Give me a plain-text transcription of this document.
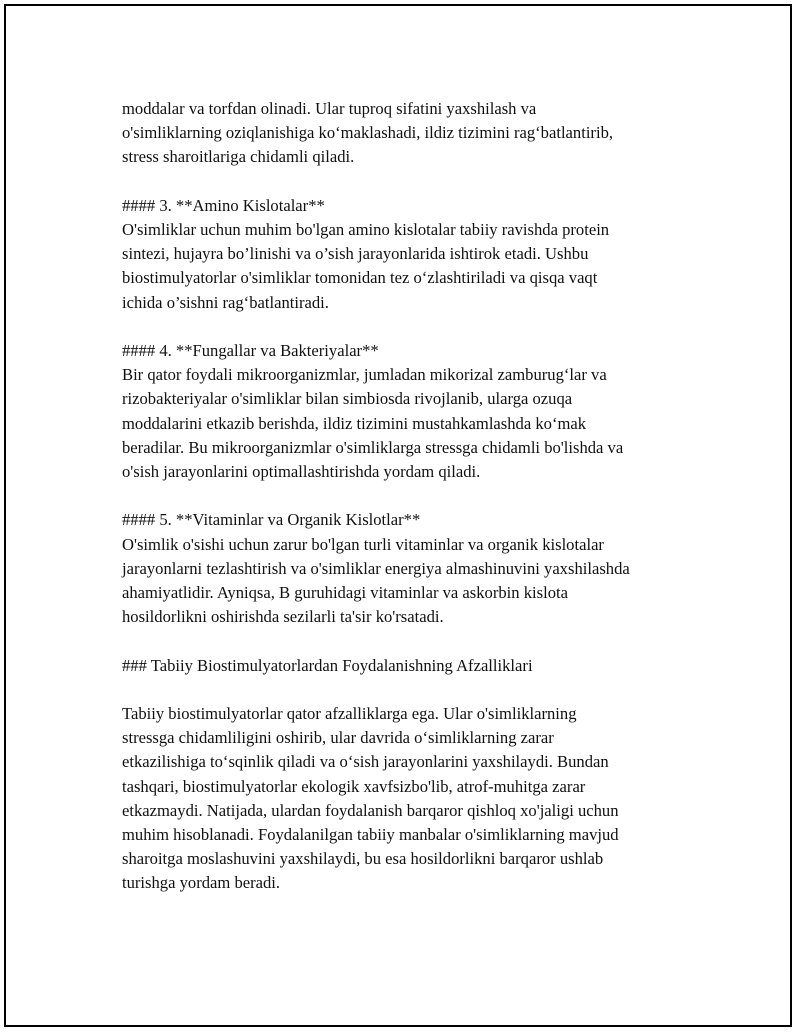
moddalar va torfdan olinadi. Ular tuproq sifatini yaxshilash va
o'simliklarning oziqlanishiga ko‘maklashadi, ildiz tizimini rag‘batlantirib,
stress sharoitlariga chidamli qiladi.

#### 3. **Amino Kislotalar**
O'simliklar uchun muhim bo'lgan amino kislotalar tabiiy ravishda protein
sintezi, hujayra bo’linishi va o’sish jarayonlarida ishtirok etadi. Ushbu
biostimulyatorlar o'simliklar tomonidan tez o‘zlashtiriladi va qisqa vaqt
ichida o’sishni rag‘batlantiradi.

#### 4. **Fungallar va Bakteriyalar**
Bir qator foydali mikroorganizmlar, jumladan mikorizal zamburug‘lar va
rizobakteriyalar o'simliklar bilan simbiosda rivojlanib, ularga ozuqa
moddalarini etkazib berishda, ildiz tizimini mustahkamlashda ko‘mak
beradilar. Bu mikroorganizmlar o'simliklarga stressga chidamli bo'lishda va
o'sish jarayonlarini optimallashtirishda yordam qiladi.

#### 5. **Vitaminlar va Organik Kislotlar**
O'simlik o'sishi uchun zarur bo'lgan turli vitaminlar va organik kislotalar
jarayonlarni tezlashtirish va o'simliklar energiya almashinuvini yaxshilashda
ahamiyatlidir. Ayniqsa, B guruhidagi vitaminlar va askorbin kislota
hosildorlikni oshirishda sezilarli ta'sir ko'rsatadi.

### Tabiiy Biostimulyatorlardan Foydalanishning Afzalliklari

Tabiiy biostimulyatorlar qator afzalliklarga ega. Ular o'simliklarning
stressga chidamliligini oshirib, ular davrida o‘simliklarning zarar
etkazilishiga to‘sqinlik qiladi va o‘sish jarayonlarini yaxshilaydi. Bundan
tashqari, biostimulyatorlar ekologik xavfsizbo'lib, atrof-muhitga zarar
etkazmaydi. Natijada, ulardan foydalanish barqaror qishloq xo'jaligi uchun
muhim hisoblanadi. Foydalanilgan tabiiy manbalar o'simliklarning mavjud
sharoitga moslashuvini yaxshilaydi, bu esa hosildorlikni barqaror ushlab
turishga yordam beradi.
